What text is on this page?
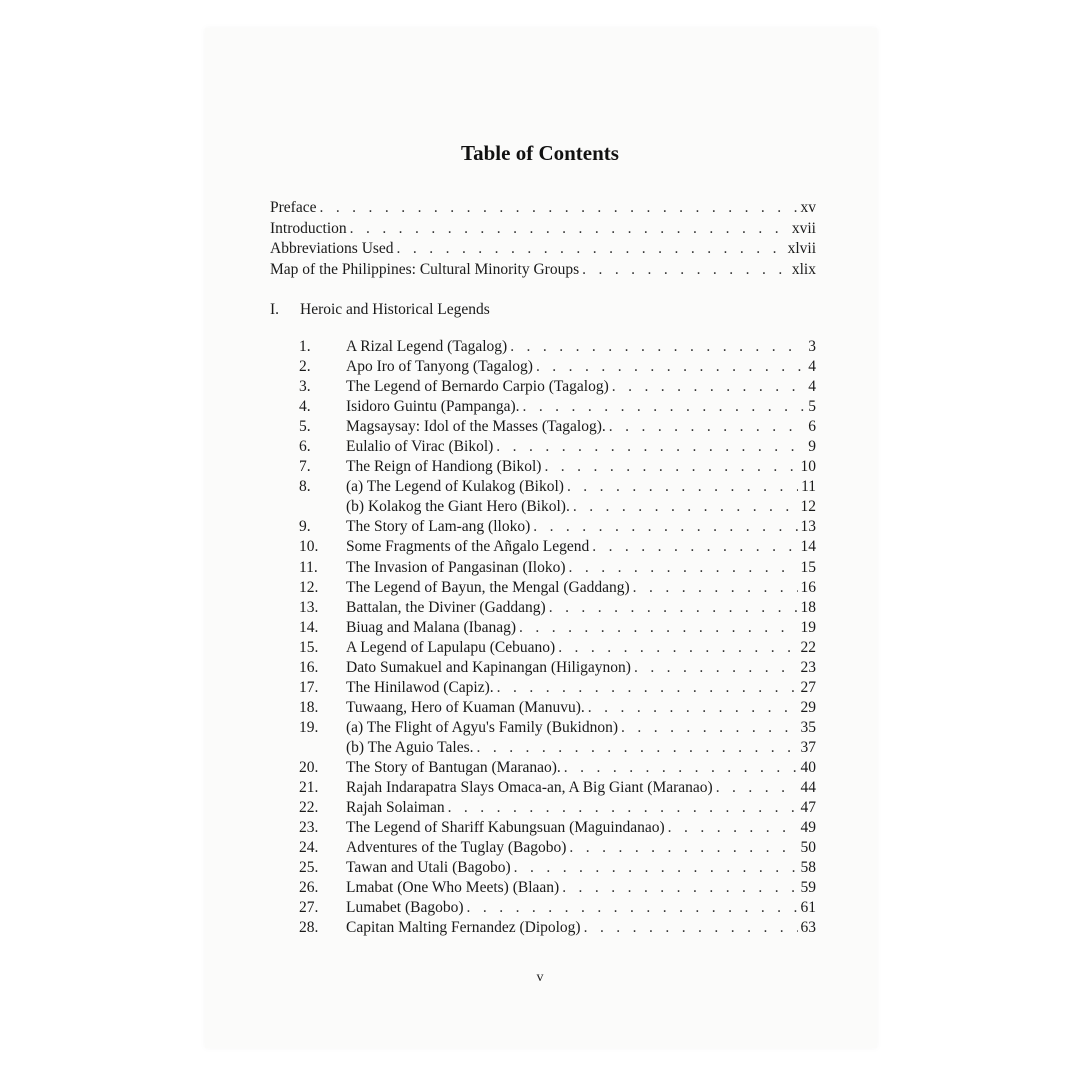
Table of Contents
Preface . . .	xv
Introduction . . .	xvii
Abbreviations Used . . .	xlvii
Map of the Philippines: Cultural Minority Groups . . .	xlix
I.	Heroic and Historical Legends
1.	A Rizal Legend (Tagalog) . . .	3
2.	Apo Iro of Tanyong (Tagalog) . . .	4
3.	The Legend of Bernardo Carpio (Tagalog) . . .	4
4.	Isidoro Guintu (Pampanga). . . .	5
5.	Magsaysay: Idol of the Masses (Tagalog). . . .	6
6.	Eulalio of Virac (Bikol) . . .	9
7.	The Reign of Handiong (Bikol) . . .	10
8.	(a) The Legend of Kulakog (Bikol) . . .	11
(b) Kolakog the Giant Hero (Bikol). . . .	12
9.	The Story of Lam-ang (lloko) . . .	13
10.	Some Fragments of the Añgalo Legend . . .	14
11.	The Invasion of Pangasinan (Iloko) . . .	15
12.	The Legend of Bayun, the Mengal (Gaddang) . . .	16
13.	Battalan, the Diviner (Gaddang) . . .	18
14.	Biuag and Malana (Ibanag) . . .	19
15.	A Legend of Lapulapu (Cebuano) . . .	22
16.	Dato Sumakuel and Kapinangan (Hiligaynon) . . .	23
17.	The Hinilawod (Capiz). . . .	27
18.	Tuwaang, Hero of Kuaman (Manuvu). . . .	29
19.	(a) The Flight of Agyu's Family (Bukidnon) . . .	35
(b) The Aguio Tales. . . .	37
20.	The Story of Bantugan (Maranao). . . .	40
21.	Rajah Indarapatra Slays Omaca-an, A Big Giant (Maranao) . . .	44
22.	Rajah Solaiman . . .	47
23.	The Legend of Shariff Kabungsuan (Maguindanao) . . .	49
24.	Adventures of the Tuglay (Bagobo) . . .	50
25.	Tawan and Utali (Bagobo) . . .	58
26.	Lmabat (One Who Meets) (Blaan) . . .	59
27.	Lumabet (Bagobo) . . .	61
28.	Capitan Malting Fernandez (Dipolog) . . .	63
v
